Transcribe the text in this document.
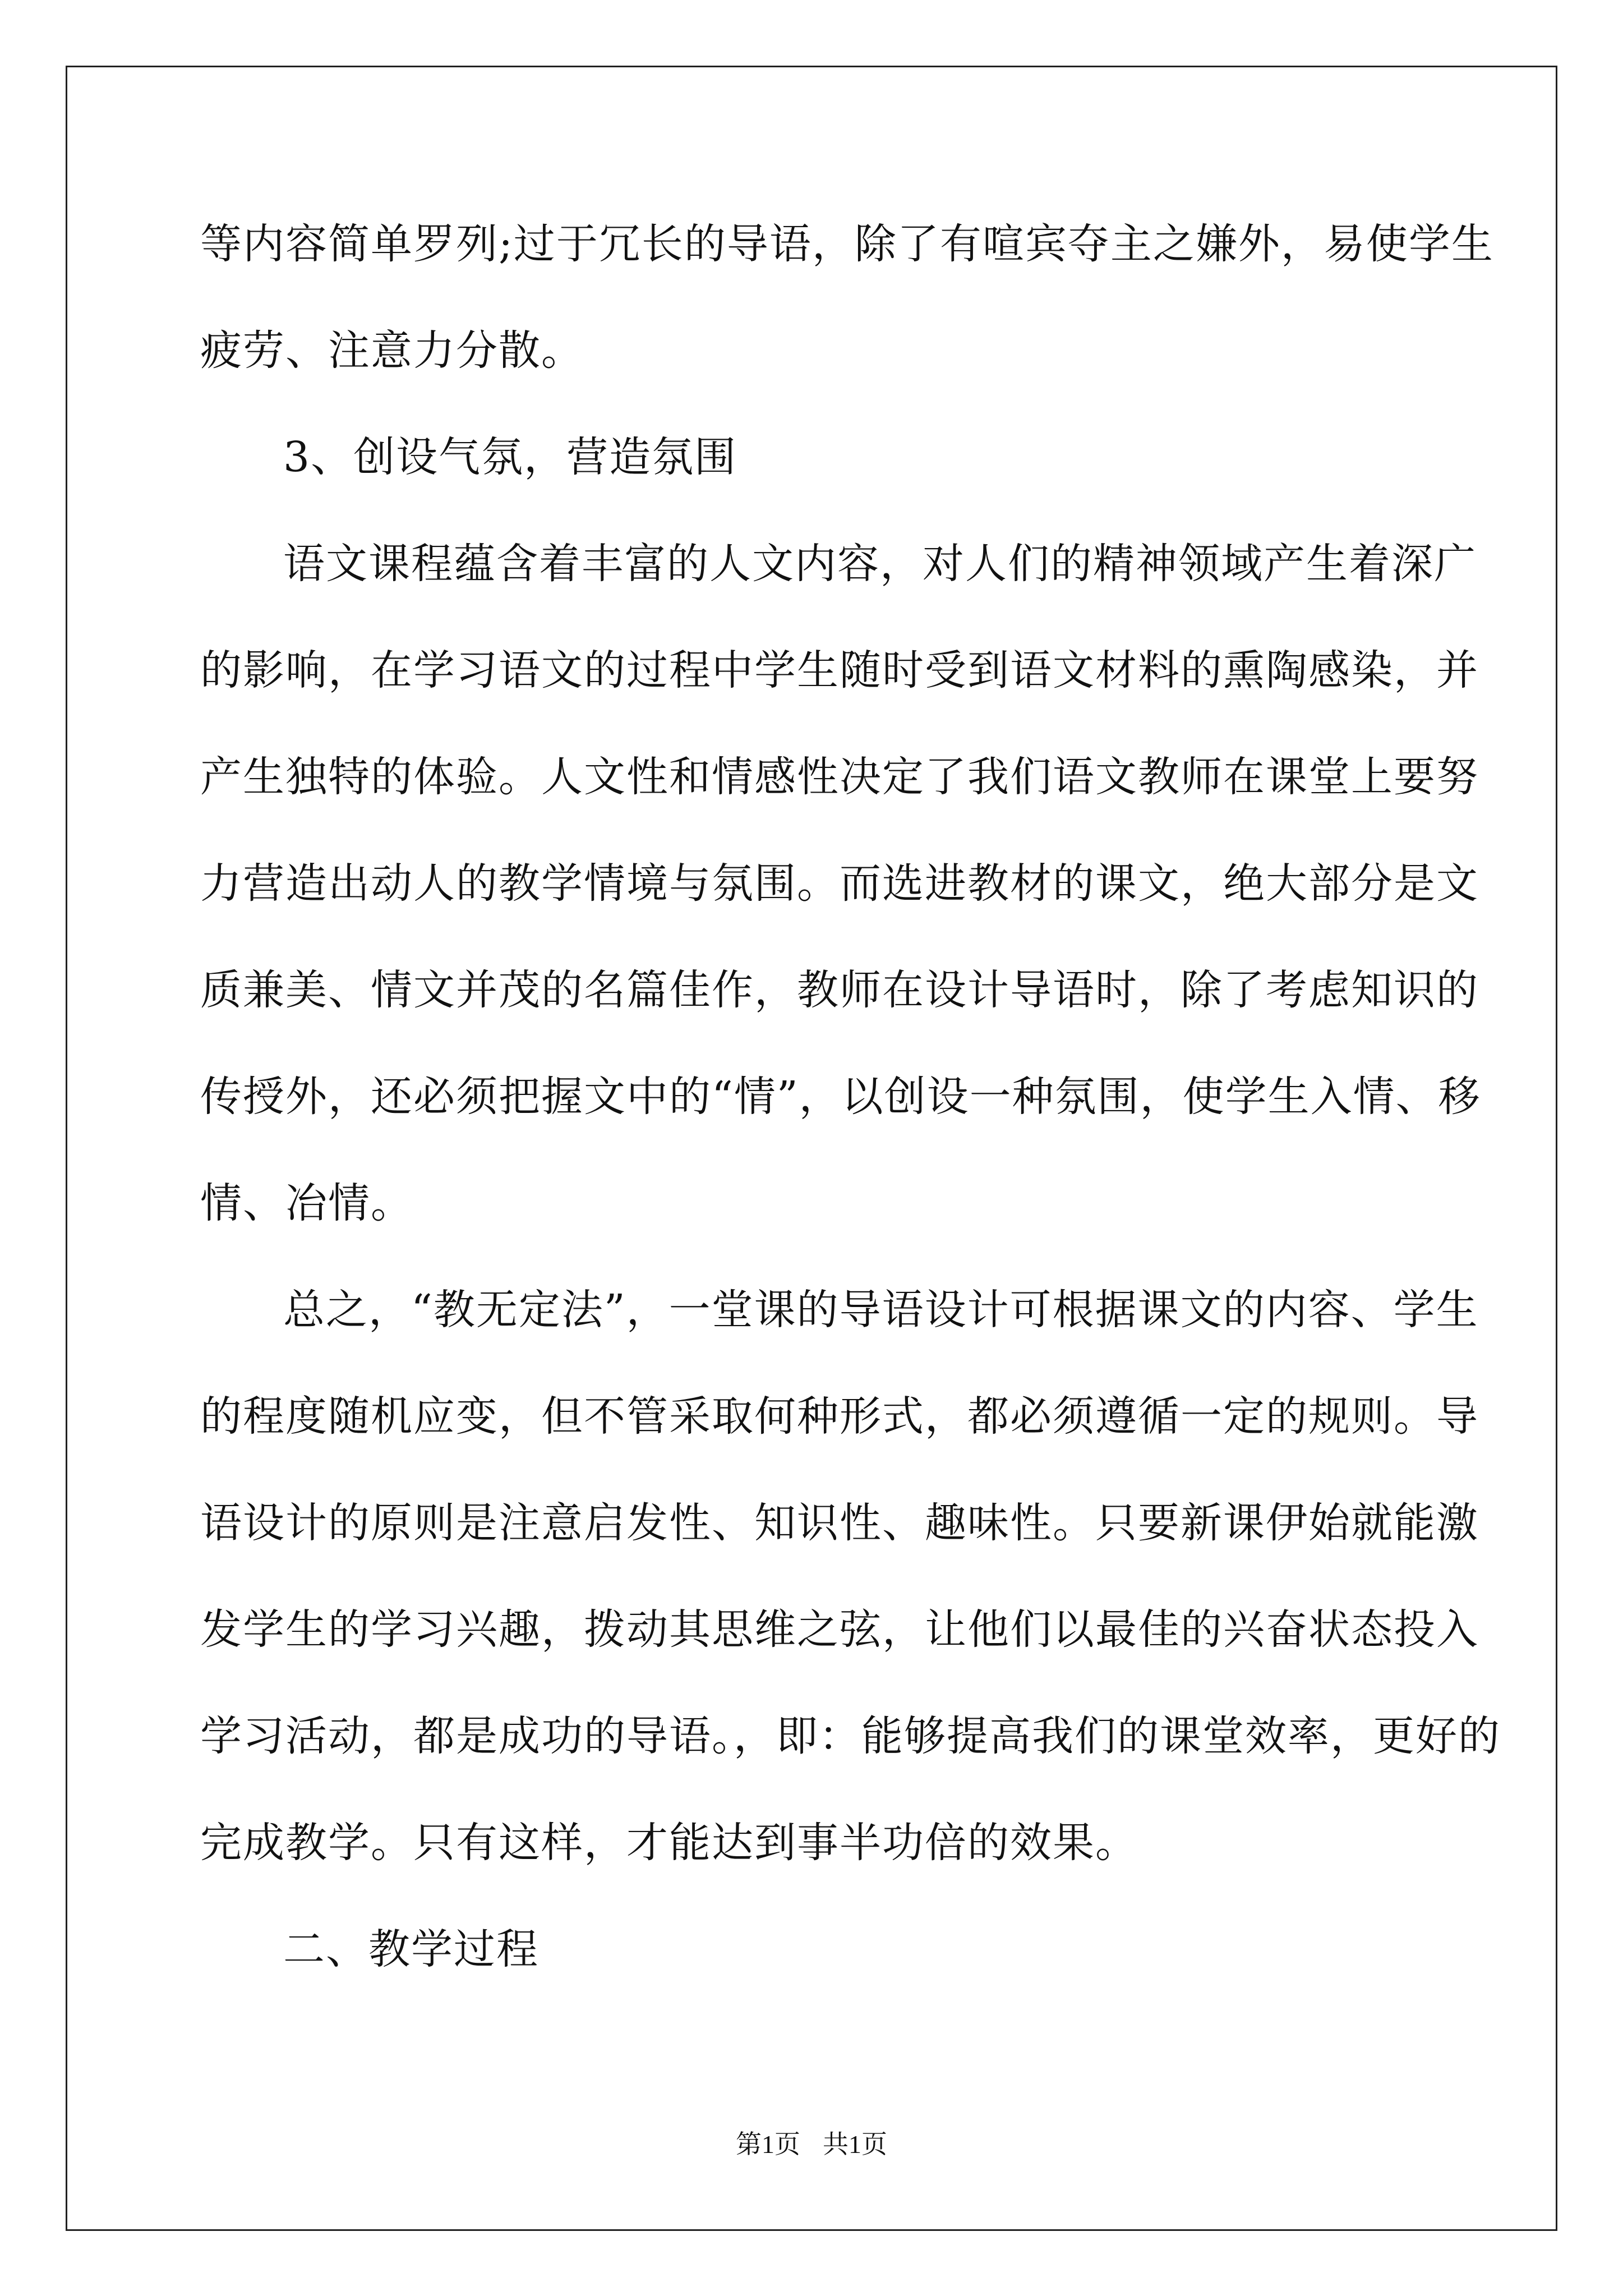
等内容简单罗列;过于冗长的导语，除了有喧宾夺主之嫌外，易使学生

疲劳、注意力分散。

3、创设气氛，营造氛围

语文课程蕴含着丰富的人文内容，对人们的精神领域产生着深广

的影响，在学习语文的过程中学生随时受到语文材料的熏陶感染，并

产生独特的体验。人文性和情感性决定了我们语文教师在课堂上要努

力营造出动人的教学情境与氛围。而选进教材的课文，绝大部分是文

质兼美、情文并茂的名篇佳作，教师在设计导语时，除了考虑知识的

传授外，还必须把握文中的“情”，以创设一种氛围，使学生入情、移

情、冶情。

总之，“教无定法”，一堂课的导语设计可根据课文的内容、学生

的程度随机应变，但不管采取何种形式，都必须遵循一定的规则。导

语设计的原则是注意启发性、知识性、趣味性。只要新课伊始就能激

发学生的学习兴趣，拨动其思维之弦，让他们以最佳的兴奋状态投入

学习活动，都是成功的导语。，即：能够提高我们的课堂效率，更好的

完成教学。只有这样，才能达到事半功倍的效果。

二、教学过程

第1页 共1页
